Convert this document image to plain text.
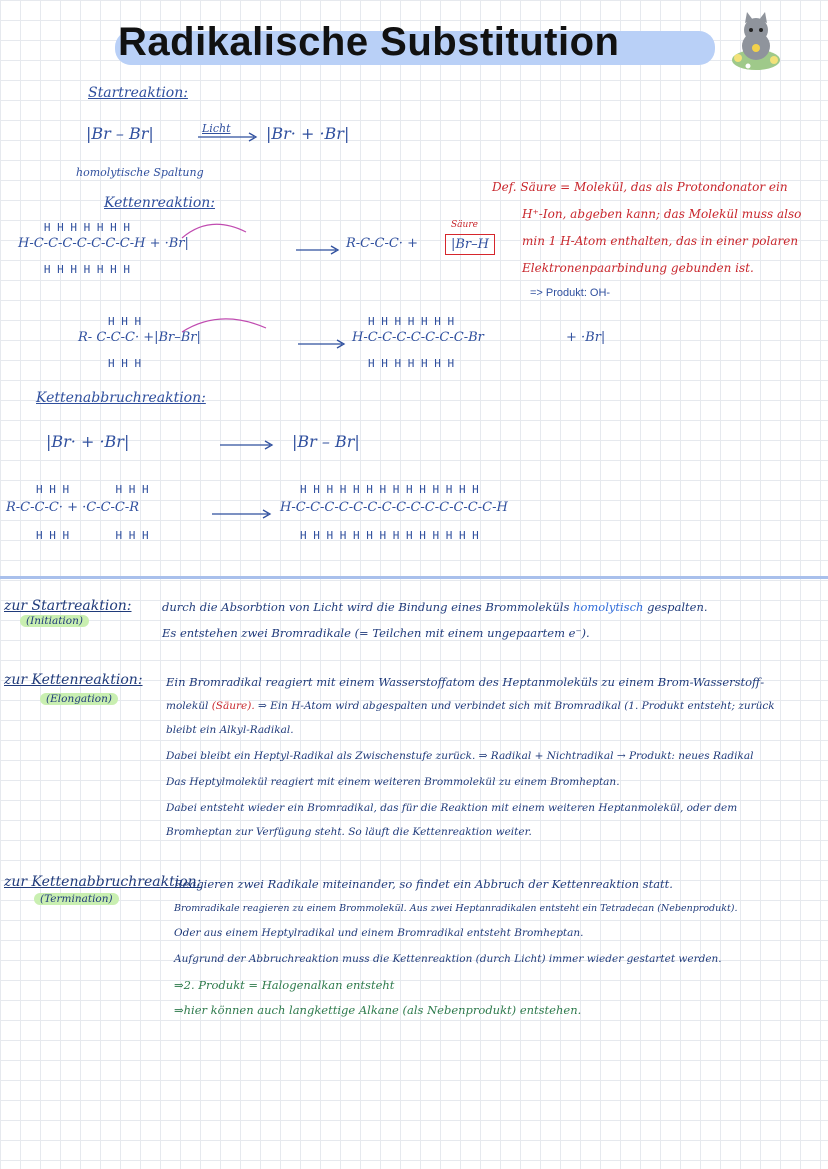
Radikalische Substitution
Startreaktion:
|Br – Br|	Licht → |Br· + ·Br|
homolytische Spaltung
Def. Säure = Molekül, das als Protondonator ein
H⁺-Ion, abgeben kann; das Molekül muss also
min 1 H-Atom enthalten, das in einer polaren
Elektronenpaarbindung gebunden ist.
=> Produkt: OH-
Kettenreaktion:
H H H H H H H
H-C-C-C-C-C-C-C-H + ·Br|
H H H H H H H
R-C-C-C· +
Säure
|Br–H
H H H
R- C-C-C· +|Br–Br|
H H H
H H H H H H H
H-C-C-C-C-C-C-C-Br
H H H H H H H
+ ·Br|
Kettenabbruchreaktion:
|Br· + ·Br|	|Br – Br|
H H H       H H H
R-C-C-C· + ·C-C-C-R
H H H       H H H
H H H H H H H H H H H H H H
H-C-C-C-C-C-C-C-C-C-C-C-C-C-C-H
H H H H H H H H H H H H H H
zur Startreaktion:
(Initiation)
durch die Absorbtion von Licht wird die Bindung eines Brommoleküls homolytisch gespalten.
Es entstehen zwei Bromradikale (= Teilchen mit einem ungepaartem e⁻).
zur Kettenreaktion:
(Elongation)
Ein Bromradikal reagiert mit einem Wasserstoffatom des Heptanmoleküls zu einem Brom-Wasserstoff-
molekül (Säure). ⇒ Ein H-Atom wird abgespalten und verbindet sich mit Bromradikal (1. Produkt entsteht; zurück
bleibt ein Alkyl-Radikal.
Dabei bleibt ein Heptyl-Radikal als Zwischenstufe zurück. ⇒ Radikal + Nichtradikal → Produkt: neues Radikal
Das Heptylmolekül reagiert mit einem weiteren Brommolekül zu einem Bromheptan.
Dabei entsteht wieder ein Bromradikal, das für die Reaktion mit einem weiteren Heptanmolekül, oder dem
Bromheptan zur Verfügung steht. So läuft die Kettenreaktion weiter.
zur Kettenabbruchreaktion:
(Termination)
Reagieren zwei Radikale miteinander, so findet ein Abbruch der Kettenreaktion statt.
Bromradikale reagieren zu einem Brommolekül. Aus zwei Heptanradikalen entsteht ein Tetradecan (Nebenprodukt).
Oder aus einem Heptylradikal und einem Bromradikal entsteht Bromheptan.
Aufgrund der Abbruchreaktion muss die Kettenreaktion (durch Licht) immer wieder gestartet werden.
⇒2. Produkt = Halogenalkan entsteht
⇒hier können auch langkettige Alkane (als Nebenprodukt) entstehen.
